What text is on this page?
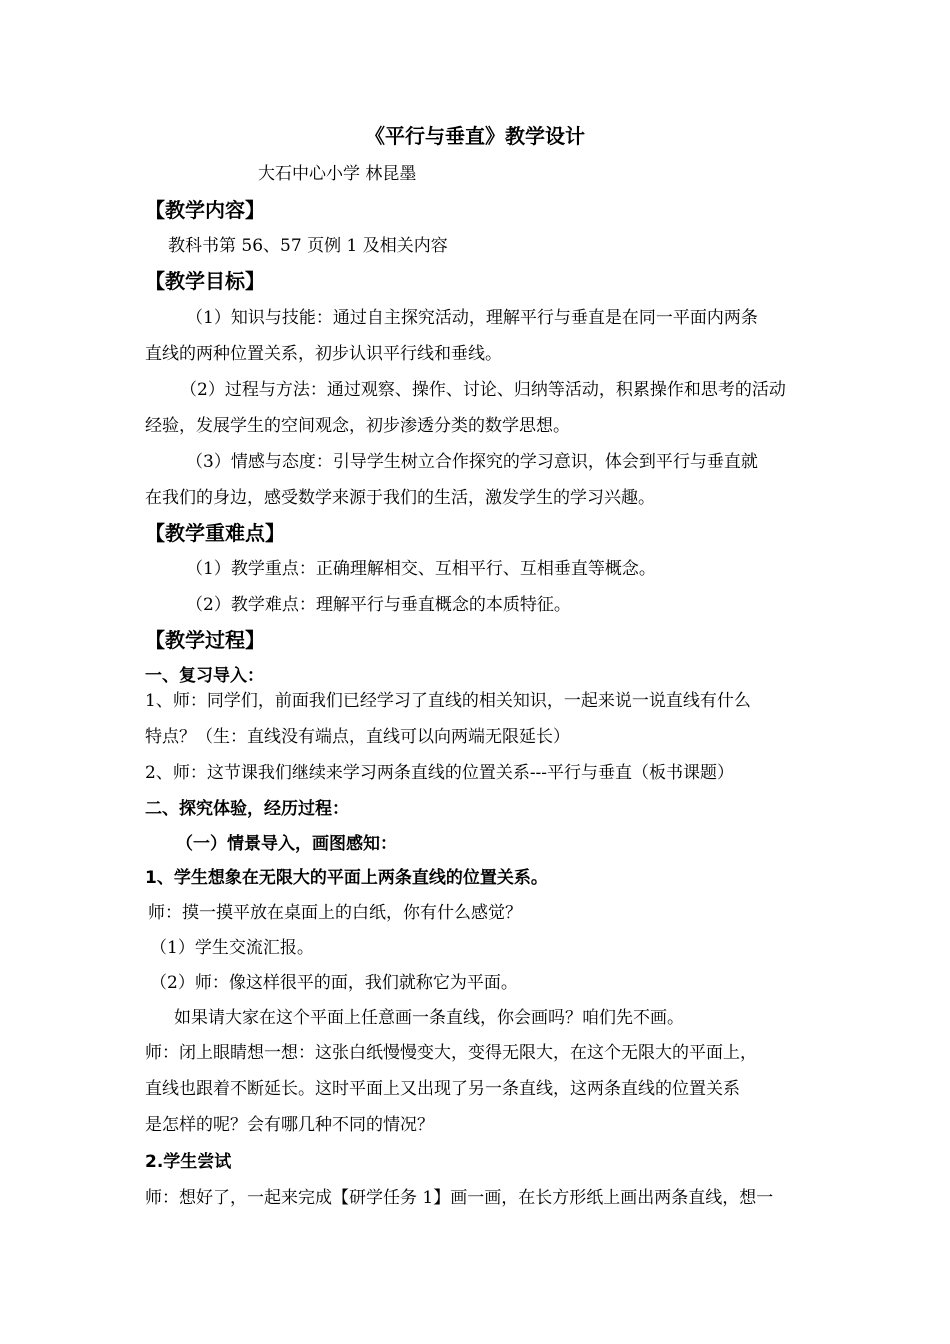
《平行与垂直》教学设计
大石中心小学 林昆墨
【教学内容】
教科书第 56、57 页例 1 及相关内容
【教学目标】
（1）知识与技能：通过自主探究活动，理解平行与垂直是在同一平面内两条
直线的两种位置关系，初步认识平行线和垂线。
（2）过程与方法：通过观察、操作、讨论、归纳等活动，积累操作和思考的活动
经验，发展学生的空间观念，初步渗透分类的数学思想。
（3）情感与态度：引导学生树立合作探究的学习意识，体会到平行与垂直就
在我们的身边，感受数学来源于我们的生活，激发学生的学习兴趣。
【教学重难点】
（1）教学重点：正确理解相交、互相平行、互相垂直等概念。
（2）教学难点：理解平行与垂直概念的本质特征。
【教学过程】
一、复习导入：
1、师：同学们，前面我们已经学习了直线的相关知识，一起来说一说直线有什么
特点？（生：直线没有端点，直线可以向两端无限延长）
2、师：这节课我们继续来学习两条直线的位置关系---平行与垂直（板书课题）
二、探究体验，经历过程：
（一）情景导入，画图感知：
1、学生想象在无限大的平面上两条直线的位置关系。
师：摸一摸平放在桌面上的白纸，你有什么感觉？
（1）学生交流汇报。
（2）师：像这样很平的面，我们就称它为平面。
如果请大家在这个平面上任意画一条直线，你会画吗？咱们先不画。
师：闭上眼睛想一想：这张白纸慢慢变大，变得无限大，在这个无限大的平面上，
直线也跟着不断延长。这时平面上又出现了另一条直线，这两条直线的位置关系
是怎样的呢？会有哪几种不同的情况？
2.学生尝试
师：想好了，一起来完成【研学任务 1】画一画，在长方形纸上画出两条直线，想一
